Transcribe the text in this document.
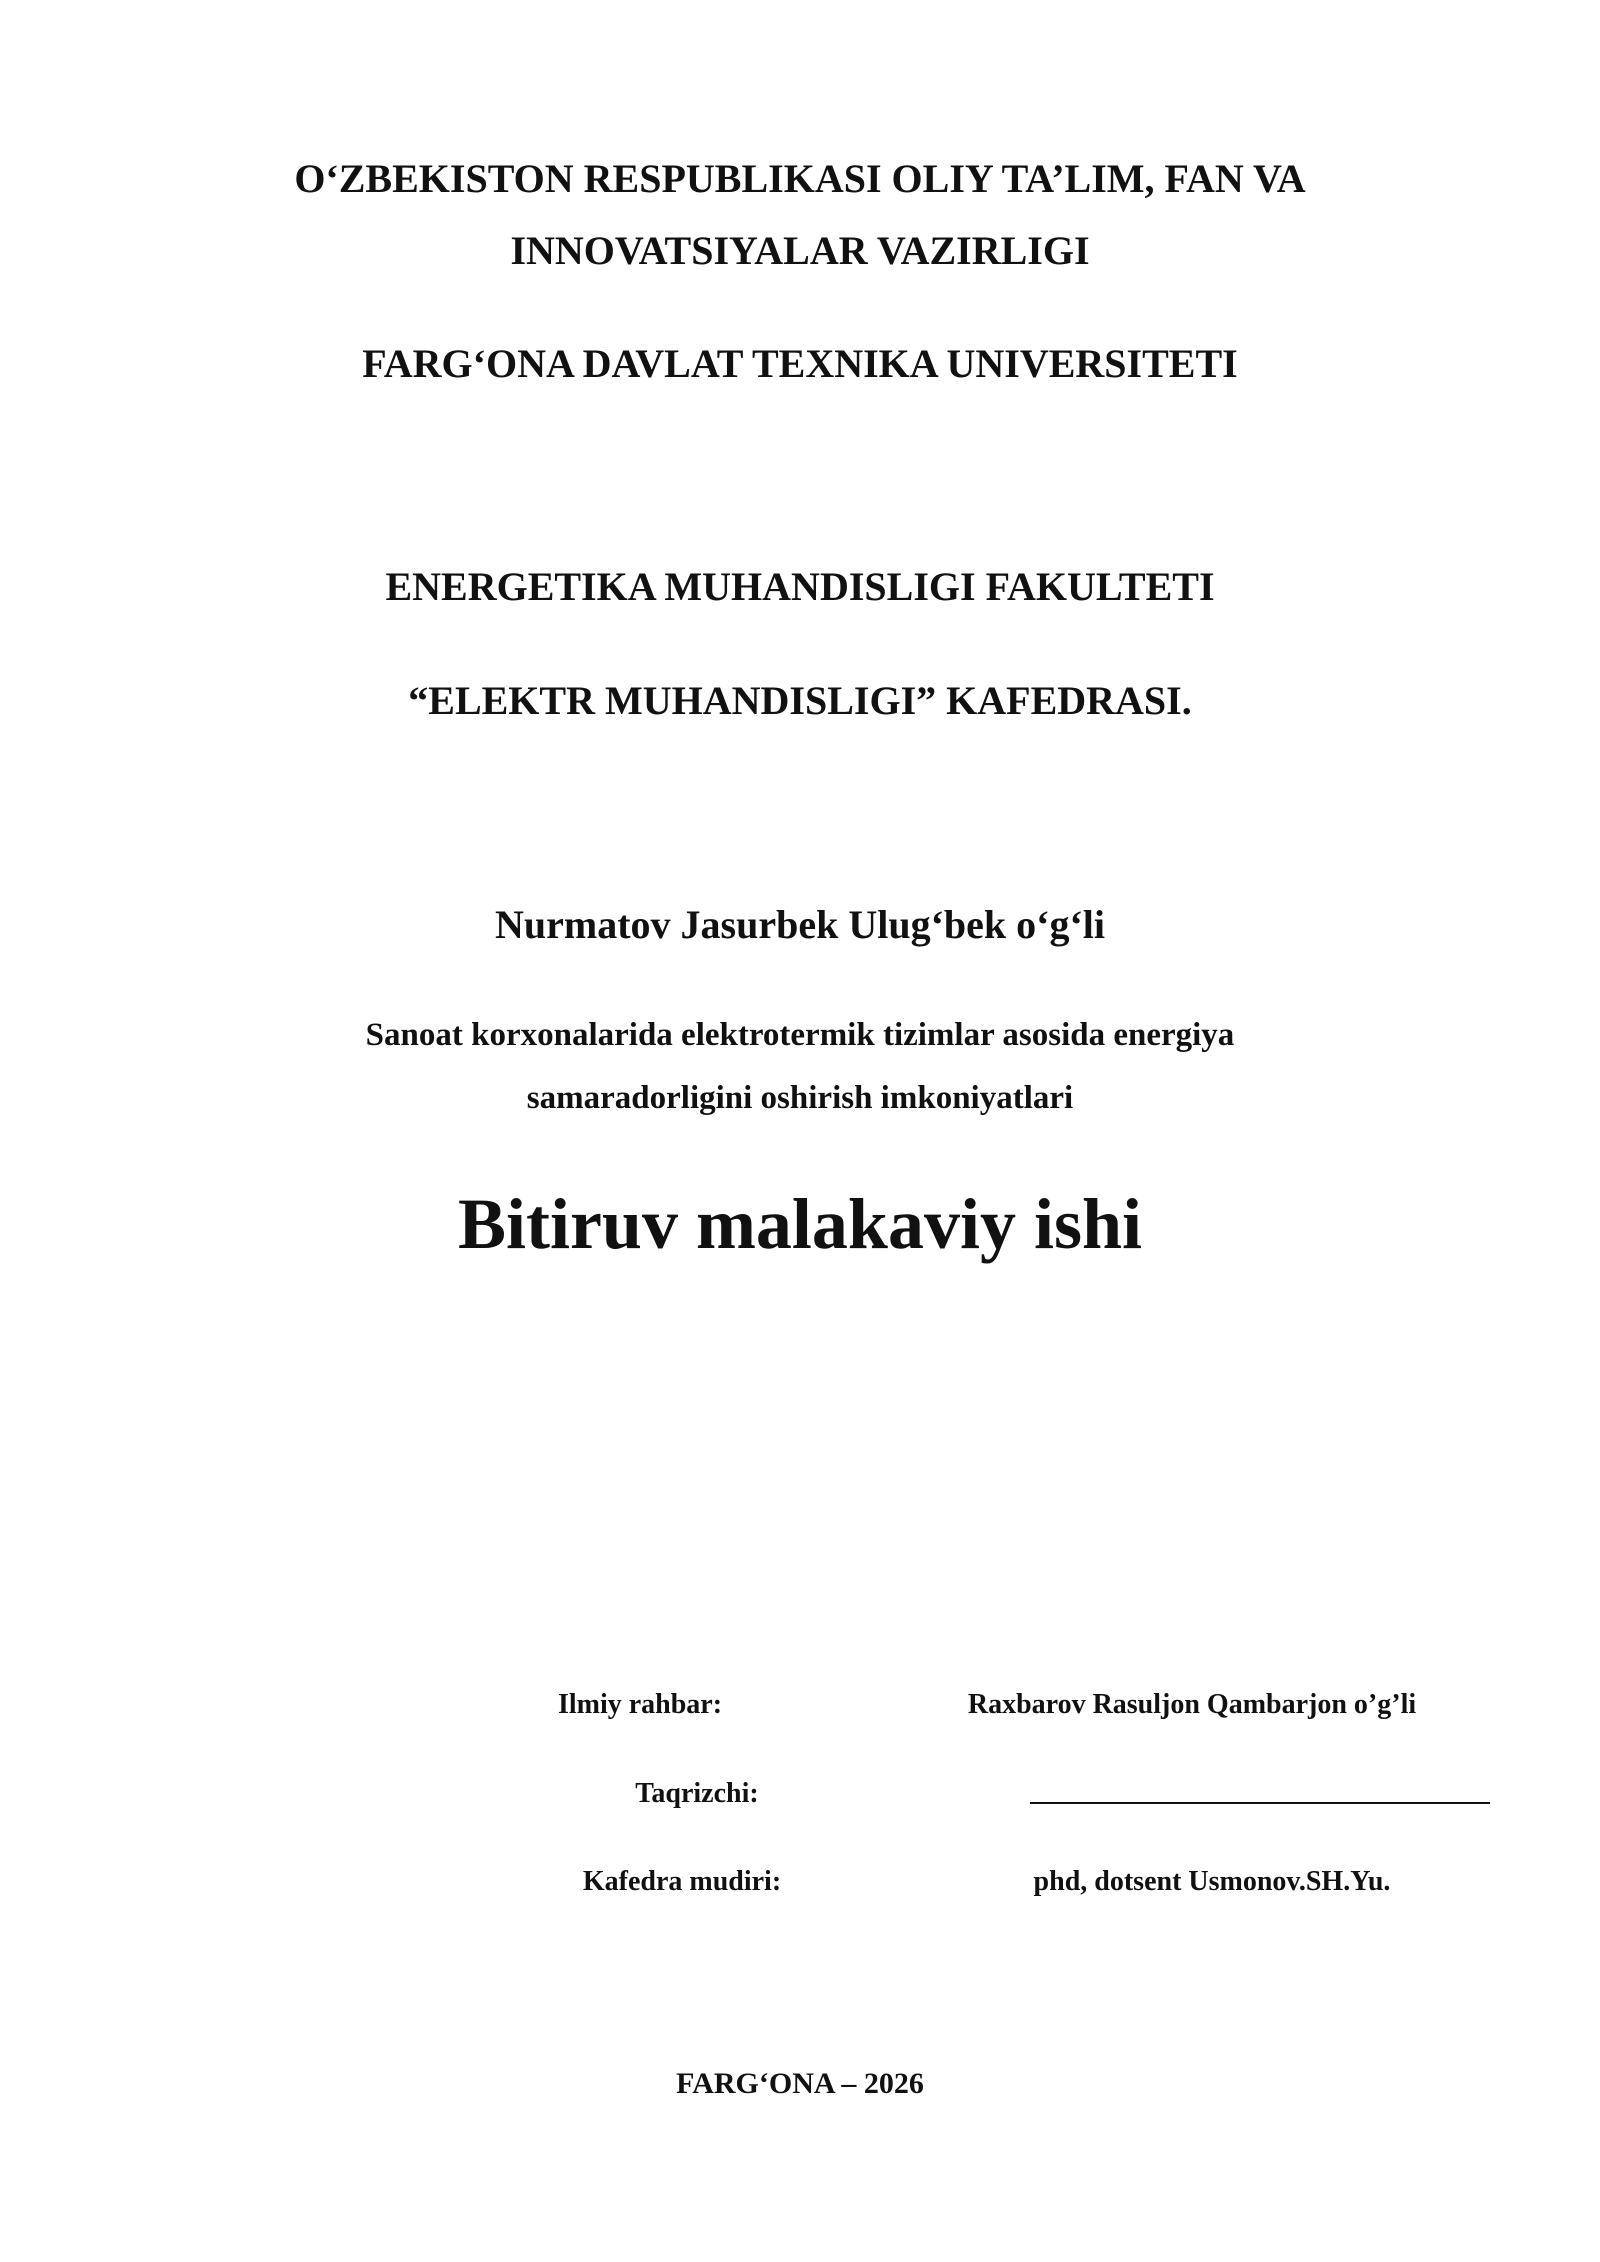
O‘ZBEKISTON RESPUBLIKASI OLIY TA’LIM, FAN VA
INNOVATSIYALAR VAZIRLIGI
FARG‘ONA DAVLAT TEXNIKA UNIVERSITETI
ENERGETIKA MUHANDISLIGI FAKULTETI
“ELEKTR MUHANDISLIGI” KAFEDRASI.
Nurmatov Jasurbek Ulug‘bek o‘g‘li
Sanoat korxonalarida elektrotermik tizimlar asosida energiya
samaradorligini oshirish imkoniyatlari
Bitiruv malakaviy ishi
Ilmiy rahbar:	Raxbarov Rasuljon Qambarjon o’g’li
Taqrizchi:
Kafedra mudiri:	phd, dotsent Usmonov.SH.Yu.
FARG‘ONA – 2026
